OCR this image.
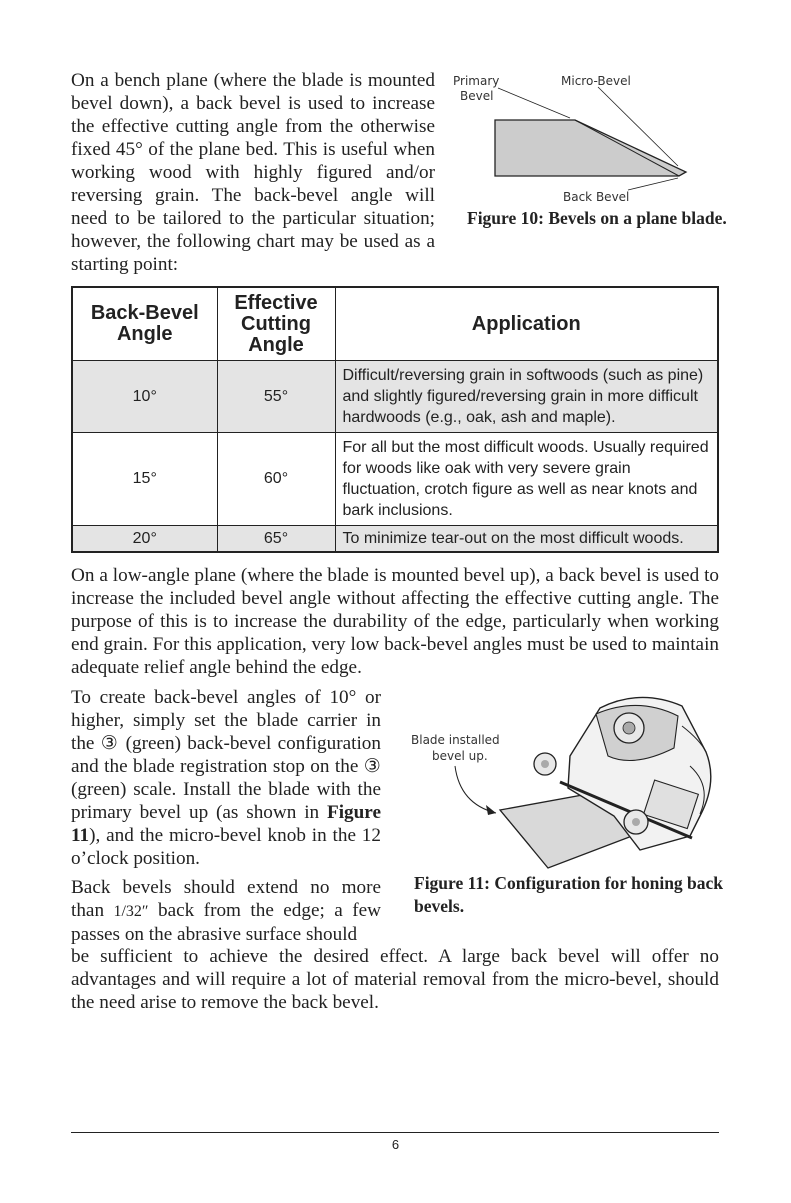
On a bench plane (where the blade is mounted bevel down), a back bevel is used to increase the effective cutting angle from the otherwise fixed 45° of the plane bed. This is useful when working wood with highly figured and/or reversing grain. The back-bevel angle will need to be tailored to the particular situation; however, the following chart may be used as a starting point:

Primary
Bevel
Micro-Bevel
Back Bevel
Figure 10: Bevels on a plane blade.
Back-Bevel Angle	Effective Cutting Angle	Application
10°	55°	Difficult/reversing grain in softwoods (such as pine) and slightly figured/reversing grain in more difficult hardwoods (e.g., oak, ash and maple).
15°	60°	For all but the most difficult woods. Usually required for woods like oak with very severe grain fluctuation, crotch figure as well as near knots and bark inclusions.
20°	65°	To minimize tear-out on the most difficult woods.

On a low-angle plane (where the blade is mounted bevel up), a back bevel is used to increase the included bevel angle without affecting the effective cutting angle. The purpose of this is to increase the durability of the edge, particularly when working end grain. For this application, very low back-bevel angles must be used to maintain adequate relief angle behind the edge.

To create back-bevel angles of 10° or higher, simply set the blade carrier in the ③ (green) back-bevel configuration and the blade registration stop on the ③ (green) scale. Install the blade with the primary bevel up (as shown in Figure 11), and the micro-bevel knob in the 12 o’clock position.

Blade installed
bevel up.
Figure 11: Configuration for honing back bevels.

Back bevels should extend no more than 1/32″ back from the edge; a few passes on the abrasive surface should

be sufficient to achieve the desired effect. A large back bevel will offer no advantages and will require a lot of material removal from the micro-bevel, should the need arise to remove the back bevel.

6
